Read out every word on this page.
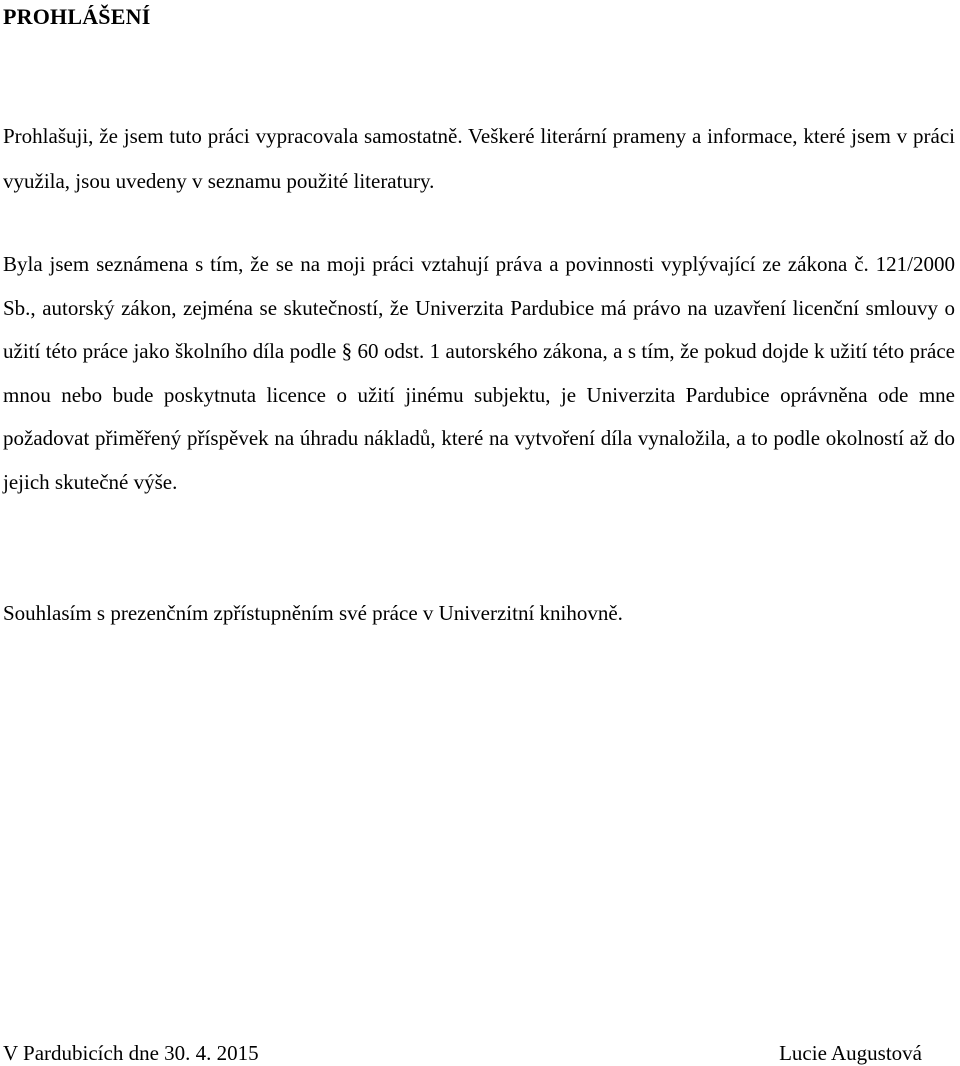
PROHLÁŠENÍ

Prohlašuji, že jsem tuto práci vypracovala samostatně. Veškeré literární prameny a informace, které jsem v práci využila, jsou uvedeny v seznamu použité literatury.

Byla jsem seznámena s tím, že se na moji práci vztahují práva a povinnosti vyplývající ze zákona č. 121/2000 Sb., autorský zákon, zejména se skutečností, že Univerzita Pardubice má právo na uzavření licenční smlouvy o užití této práce jako školního díla podle § 60 odst. 1 autorského zákona, a s tím, že pokud dojde k užití této práce mnou nebo bude poskytnuta licence o užití jinému subjektu, je Univerzita Pardubice oprávněna ode mne požadovat přiměřený příspěvek na úhradu nákladů, které na vytvoření díla vynaložila, a to podle okolností až do jejich skutečné výše.

Souhlasím s prezenčním zpřístupněním své práce v Univerzitní knihovně.

V Pardubicích dne 30. 4. 2015	Lucie Augustová
